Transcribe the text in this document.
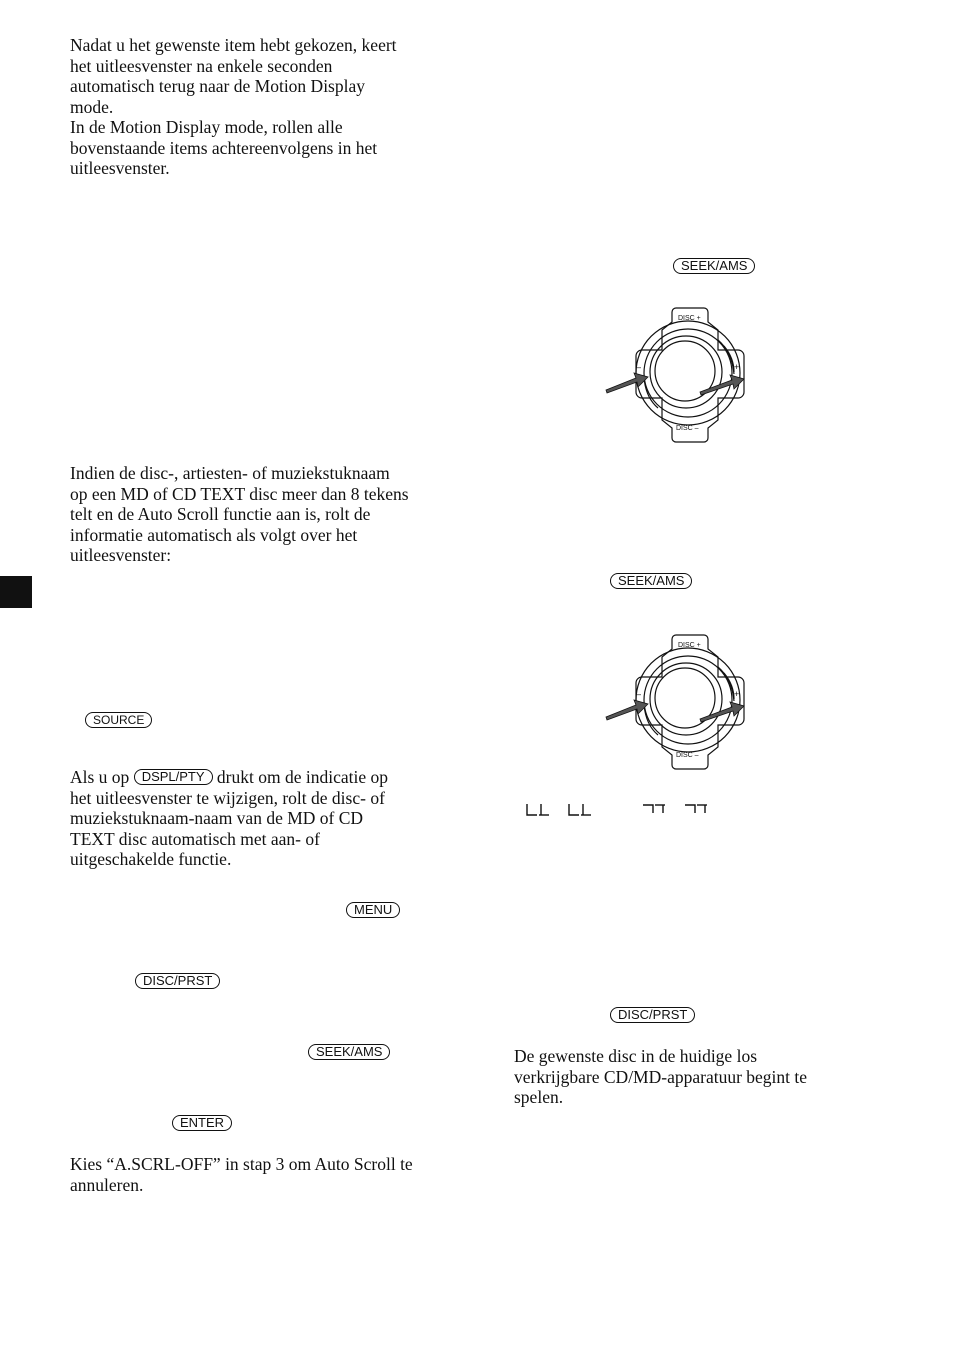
Nadat u het gewenste item hebt gekozen, keert
het uitleesvenster na enkele seconden
automatisch terug naar de Motion Display
mode.
In de Motion Display mode, rollen alle
bovenstaande items achtereenvolgens in het
uitleesvenster.

Indien de disc-, artiesten- of muziekstuknaam
op een MD of CD TEXT disc meer dan 8 tekens
telt en de Auto Scroll functie aan is, rolt de
informatie automatisch als volgt over het
uitleesvenster:

SOURCE

Als u op DSPL/PTY drukt om de indicatie op
het uitleesvenster te wijzigen, rolt de disc- of
muziekstuknaam-naam van de MD of CD
TEXT disc automatisch met aan- of
uitgeschakelde functie.

MENU
DISC/PRST
SEEK/AMS
ENTER

Kies “A.SCRL-OFF” in stap 3 om Auto Scroll te
annuleren.

SEEK/AMS
DISC +
DISC –
+
–
SEEK/AMS
DISC +
DISC –
+
–
DISC/PRST

De gewenste disc in de huidige los
verkrijgbare CD/MD-apparatuur begint te
spelen.
